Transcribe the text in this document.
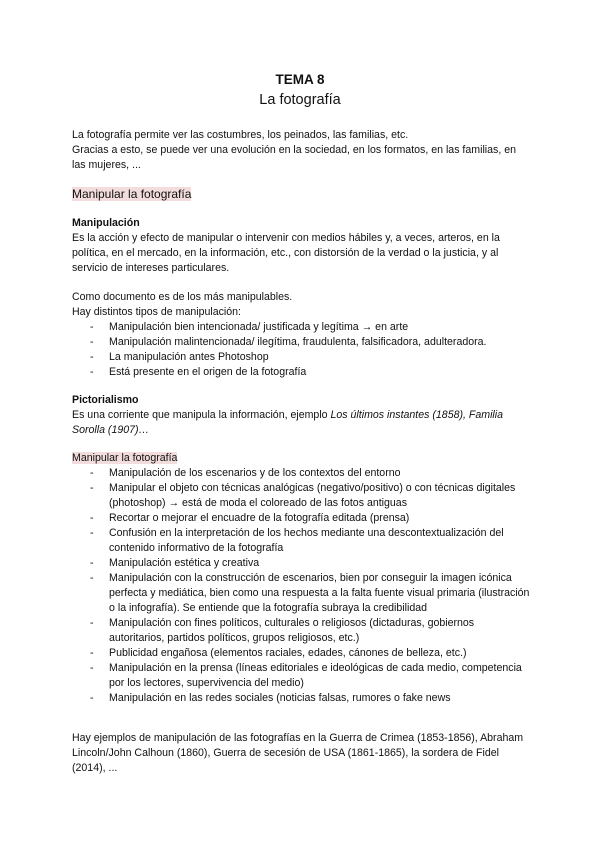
TEMA 8
La fotografía

La fotografía permite ver las costumbres, los peinados, las familias, etc.

Gracias a esto, se puede ver una evolución en la sociedad, en los formatos, en las familias, en las mujeres, ...

Manipular la fotografía

Manipulación

Es la acción y efecto de manipular o intervenir con medios hábiles y, a veces, arteros, en la política, en el mercado, en la información, etc., con distorsión de la verdad o la justicia, y al servicio de intereses particulares.

Como documento es de los más manipulables.

Hay distintos tipos de manipulación:

- Manipulación bien intencionada/ justificada y legítima → en arte
- Manipulación malintencionada/ ilegítima, fraudulenta, falsificadora, adulteradora.
- La manipulación antes Photoshop
- Está presente en el origen de la fotografía

Pictorialismo

Es una corriente que manipula la información, ejemplo Los últimos instantes (1858), Familia Sorolla (1907)…

Manipular la fotografía

- Manipulación de los escenarios y de los contextos del entorno
- Manipular el objeto con técnicas analógicas (negativo/positivo) o con técnicas digitales (photoshop) → está de moda el coloreado de las fotos antiguas
- Recortar o mejorar el encuadre de la fotografía editada (prensa)
- Confusión en la interpretación de los hechos mediante una descontextualización del contenido informativo de la fotografía
- Manipulación estética y creativa
- Manipulación con la construcción de escenarios, bien por conseguir la imagen icónica perfecta y mediática, bien como una respuesta a la falta fuente visual primaria (ilustración o la infografía). Se entiende que la fotografía subraya la credibilidad
- Manipulación con fines políticos, culturales o religiosos (dictaduras, gobiernos autoritarios, partidos políticos, grupos religiosos, etc.)
- Publicidad engañosa (elementos raciales, edades, cánones de belleza, etc.)
- Manipulación en la prensa (líneas editoriales e ideológicas de cada medio, competencia por los lectores, supervivencia del medio)
- Manipulación en las redes sociales (noticias falsas, rumores o fake news

Hay ejemplos de manipulación de las fotografías en la Guerra de Crimea (1853-1856), Abraham Lincoln/John Calhoun (1860), Guerra de secesión de USA (1861-1865), la sordera de Fidel (2014), ...
